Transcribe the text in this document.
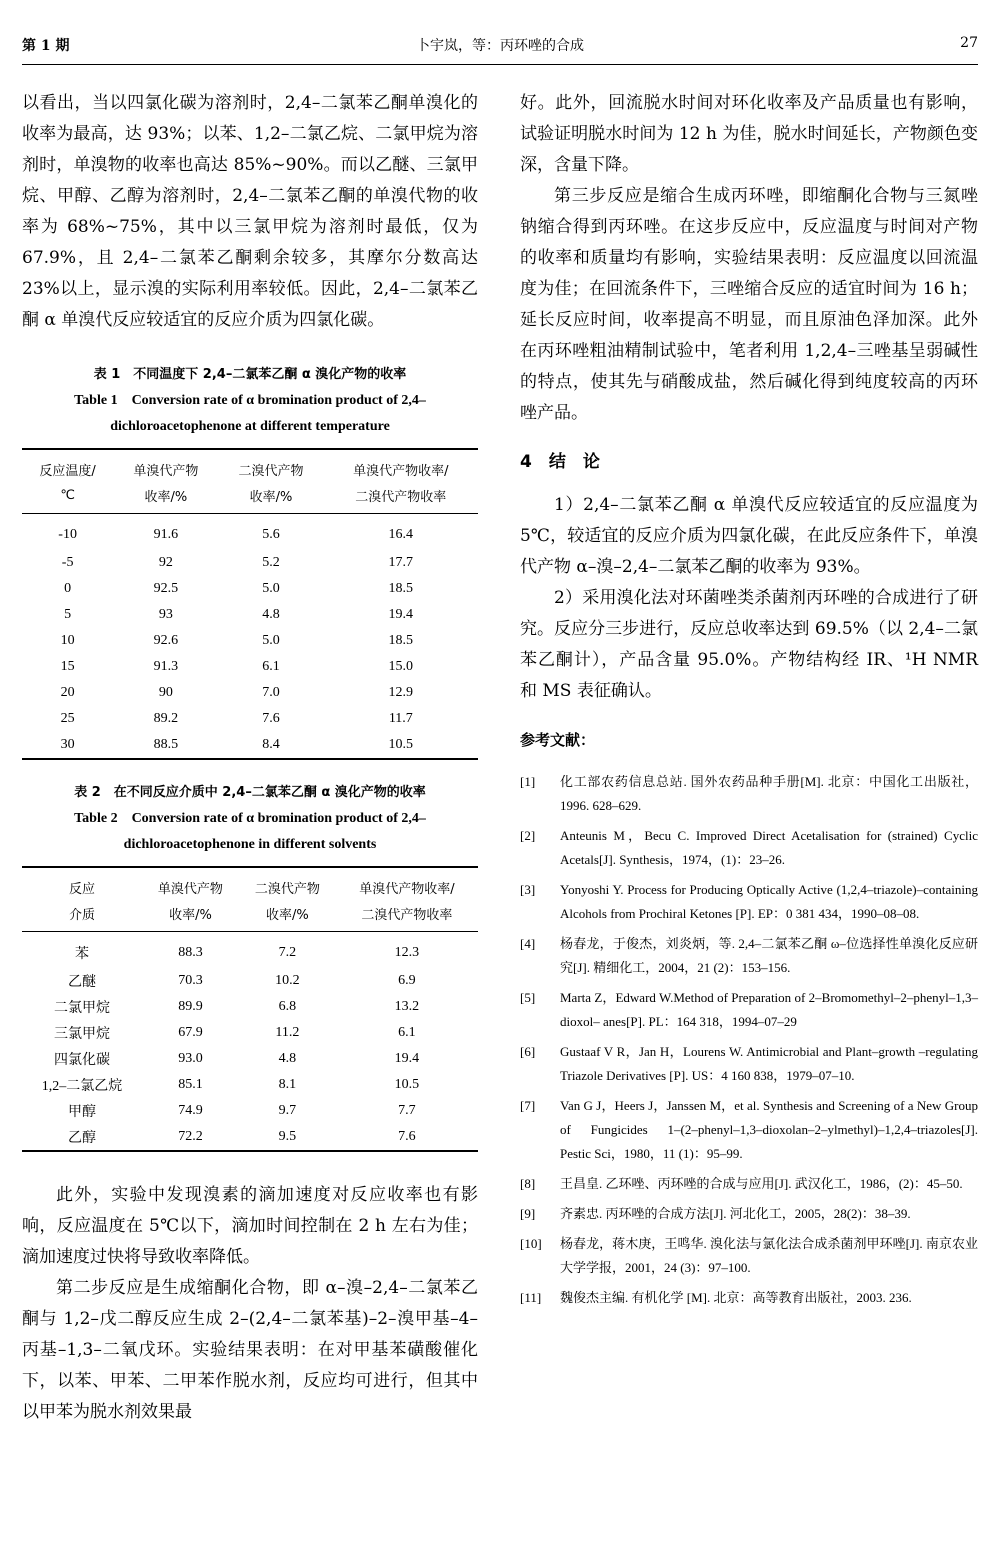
第 1 期	卜宇岚，等：丙环唑的合成	27

以看出，当以四氯化碳为溶剂时，2,4–二氯苯乙酮单溴化的收率为最高，达 93%；以苯、1,2–二氯乙烷、二氯甲烷为溶剂时，单溴物的收率也高达 85%~90%。而以乙醚、三氯甲烷、甲醇、乙醇为溶剂时，2,4–二氯苯乙酮的单溴代物的收率为 68%~75%，其中以三氯甲烷为溶剂时最低，仅为 67.9%，且 2,4–二氯苯乙酮剩余较多，其摩尔分数高达 23%以上，显示溴的实际利用率较低。因此，2,4–二氯苯乙酮 α 单溴代反应较适宜的反应介质为四氯化碳。

表 1　不同温度下 2,4–二氯苯乙酮 α 溴化产物的收率

Table 1　Conversion rate of α bromination product of 2,4–

dichloroacetophenone at different temperature

反应温度/	单溴代产物	二溴代产物	单溴代产物收率/
℃	收率/%	收率/%	二溴代产物收率
-10	91.6	5.6	16.4
-5	92	5.2	17.7
0	92.5	5.0	18.5
5	93	4.8	19.4
10	92.6	5.0	18.5
15	91.3	6.1	15.0
20	90	7.0	12.9
25	89.2	7.6	11.7
30	88.5	8.4	10.5

表 2　在不同反应介质中 2,4–二氯苯乙酮 α 溴化产物的收率

Table 2　Conversion rate of α bromination product of 2,4–

dichloroacetophenone in different solvents

反应	单溴代产物	二溴代产物	单溴代产物收率/
介质	收率/%	收率/%	二溴代产物收率
苯	88.3	7.2	12.3
乙醚	70.3	10.2	6.9
二氯甲烷	89.9	6.8	13.2
三氯甲烷	67.9	11.2	6.1
四氯化碳	93.0	4.8	19.4
1,2–二氯乙烷	85.1	8.1	10.5
甲醇	74.9	9.7	7.7
乙醇	72.2	9.5	7.6

此外，实验中发现溴素的滴加速度对反应收率也有影响，反应温度在 5℃以下，滴加时间控制在 2 h 左右为佳；滴加速度过快将导致收率降低。

第二步反应是生成缩酮化合物，即 α–溴–2,4–二氯苯乙酮与 1,2–戊二醇反应生成 2–(2,4–二氯苯基)–2–溴甲基–4–丙基–1,3–二氧戊环。实验结果表明：在对甲基苯磺酸催化下，以苯、甲苯、二甲苯作脱水剂，反应均可进行，但其中以甲苯为脱水剂效果最

好。此外，回流脱水时间对环化收率及产品质量也有影响，试验证明脱水时间为 12 h 为佳，脱水时间延长，产物颜色变深，含量下降。

第三步反应是缩合生成丙环唑，即缩酮化合物与三氮唑钠缩合得到丙环唑。在这步反应中，反应温度与时间对产物的收率和质量均有影响，实验结果表明：反应温度以回流温度为佳；在回流条件下，三唑缩合反应的适宜时间为 16 h；延长反应时间，收率提高不明显，而且原油色泽加深。此外在丙环唑粗油精制试验中，笔者利用 1,2,4–三唑基呈弱碱性的特点，使其先与硝酸成盐，然后碱化得到纯度较高的丙环唑产品。

4　结　论

1）2,4–二氯苯乙酮 α 单溴代反应较适宜的反应温度为 5℃，较适宜的反应介质为四氯化碳，在此反应条件下，单溴代产物 α–溴–2,4–二氯苯乙酮的收率为 93%。

2）采用溴化法对环菌唑类杀菌剂丙环唑的合成进行了研究。反应分三步进行，反应总收率达到 69.5%（以 2,4–二氯苯乙酮计），产品含量 95.0%。产物结构经 IR、¹H NMR 和 MS 表征确认。

参考文献：
[1] 化工部农药信息总站. 国外农药品种手册[M]. 北京：中国化工出版社，1996. 628–629.
[2] Anteunis M，Becu C. Improved Direct Acetalisation for (strained) Cyclic Acetals[J]. Synthesis，1974，(1)：23–26.
[3] Yonyoshi Y. Process for Producing Optically Active (1,2,4–triazole)–containing Alcohols from Prochiral Ketones [P]. EP：0 381 434，1990–08–08.
[4] 杨春龙，于俊杰，刘炎炳，等. 2,4–二氯苯乙酮 ω–位选择性单溴化反应研究[J]. 精细化工，2004，21 (2)：153–156.
[5] Marta Z，Edward W.Method of Preparation of 2–Bromomethyl–2–phenyl–1,3–dioxol– anes[P]. PL：164 318，1994–07–29
[6] Gustaaf V R，Jan H，Lourens W. Antimicrobial and Plant–growth –regulating Triazole Derivatives [P]. US：4 160 838，1979–07–10.
[7] Van G J，Heers J，Janssen M，et al. Synthesis and Screening of a New Group of Fungicides 1–(2–phenyl–1,3–dioxolan–2–ylmethyl)–1,2,4–triazoles[J]. Pestic Sci，1980，11 (1)：95–99.
[8] 王昌皇. 乙环唑、丙环唑的合成与应用[J]. 武汉化工，1986，(2)：45–50.
[9] 齐素忠. 丙环唑的合成方法[J]. 河北化工，2005，28(2)：38–39.
[10] 杨春龙，蒋木庚，王鸣华. 溴化法与氯化法合成杀菌剂甲环唑[J]. 南京农业大学学报，2001，24 (3)：97–100.
[11] 魏俊杰主编. 有机化学 [M]. 北京：高等教育出版社，2003. 236.
